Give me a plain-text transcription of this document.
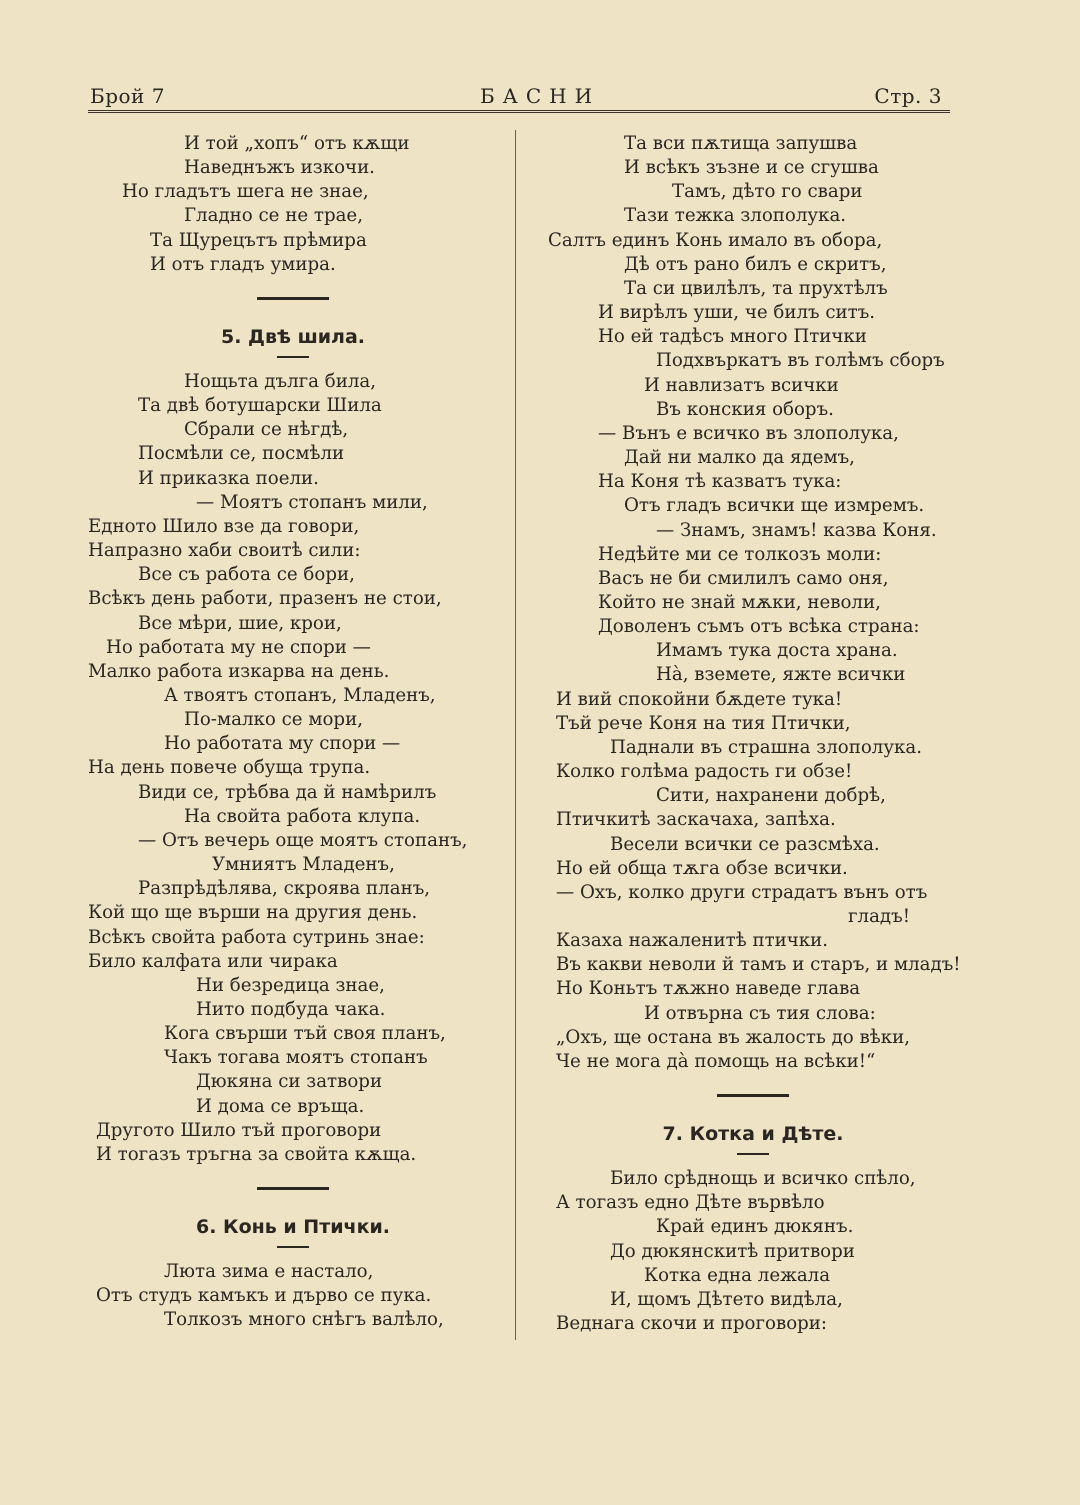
Брой 7	БАСНИ	Стр. 3
И той „хопъ“ отъ кѫщи
Наведнъжъ изкочи.
Но гладътъ шега не знае,
Гладно се не трае,
Та Щурецътъ прѣмира
И отъ гладъ умира.
5. Двѣ шила.
Нощьта дълга била,
Та двѣ ботушарски Шила
Сбрали се нѣгдѣ,
Посмѣли се, посмѣли
И приказка поели.
— Моятъ стопанъ мили,
Едното Шило взе да говори,
Напразно хаби своитѣ сили:
Все съ работа се бори,
Всѣкъ день работи, празенъ не стои,
Все мѣри, шие, крои,
Но работата му не спори —
Малко работа изкарва на день.
А твоятъ стопанъ, Младенъ,
По-малко се мори,
Но работата му спори —
На день повече обуща трупа.
Види се, трѣбва да й намѣрилъ
На свойта работа клупа.
— Отъ вечерь още моятъ стопанъ,
Умниятъ Младенъ,
Разпрѣдѣлява, скроява планъ,
Кой що ще върши на другия день.
Всѣкъ свойта работа сутринь знае:
Било калфата или чирака
Ни безредица знае,
Нито подбуда чака.
Кога свърши тъй своя планъ,
Чакъ тогава моятъ стопанъ
Дюкяна си затвори
И дома се връща.
Другото Шило тъй проговори
И тогазъ тръгна за свойта кѫща.
6. Конь и Птички.
Люта зима е настало,
Отъ студъ камъкъ и дърво се пука.
Толкозъ много снѣгъ валѣло,
Та вси пѫтища запушва
И всѣкъ зъзне и се сгушва
Тамъ, дѣто го свари
Тази тежка злополука.
Салтъ единъ Конь имало въ обора,
Дѣ отъ рано билъ е скритъ,
Та си цвилѣлъ, та прухтѣлъ
И вирѣлъ уши, че билъ ситъ.
Но ей тадѣсъ много Птички
Подхвъркатъ въ голѣмъ сборъ
И навлизатъ всички
Въ конския оборъ.
— Вънъ е всичко въ злополука,
Дай ни малко да ядемъ,
На Коня тѣ казватъ тука:
Отъ гладъ всички ще измремъ.
— Знамъ, знамъ! казва Коня.
Недѣйте ми се толкозъ моли:
Васъ не би смилилъ само оня,
Който не знай мѫки, неволи,
Доволенъ съмъ отъ всѣка страна:
Имамъ тука доста храна.
На̀, вземете, яжте всички
И вий спокойни бѫдете тука!
Тъй рече Коня на тия Птички,
Паднали въ страшна злополука.
Колко голѣма радость ги обзе!
Сити, нахранени добрѣ,
Птичкитѣ заскачаха, запѣха.
Весели всички се разсмѣха.
Но ей обща тѫга обзе всички.
— Охъ, колко други страдатъ вънъ отъ
гладъ!
Казаха нажаленитѣ птички.
Въ какви неволи й тамъ и старъ, и младъ!
Но Коньтъ тѫжно наведе глава
И отвърна съ тия слова:
„Охъ, ще остана въ жалость до вѣки,
Че не мога да̀ помощь на всѣки!“
7. Котка и Дѣте.
Било срѣднощь и всичко спѣло,
А тогазъ едно Дѣте вървѣло
Край единъ дюкянъ.
До дюкянскитѣ притвори
Котка една лежала
И, щомъ Дѣтето видѣла,
Веднага скочи и проговори:
